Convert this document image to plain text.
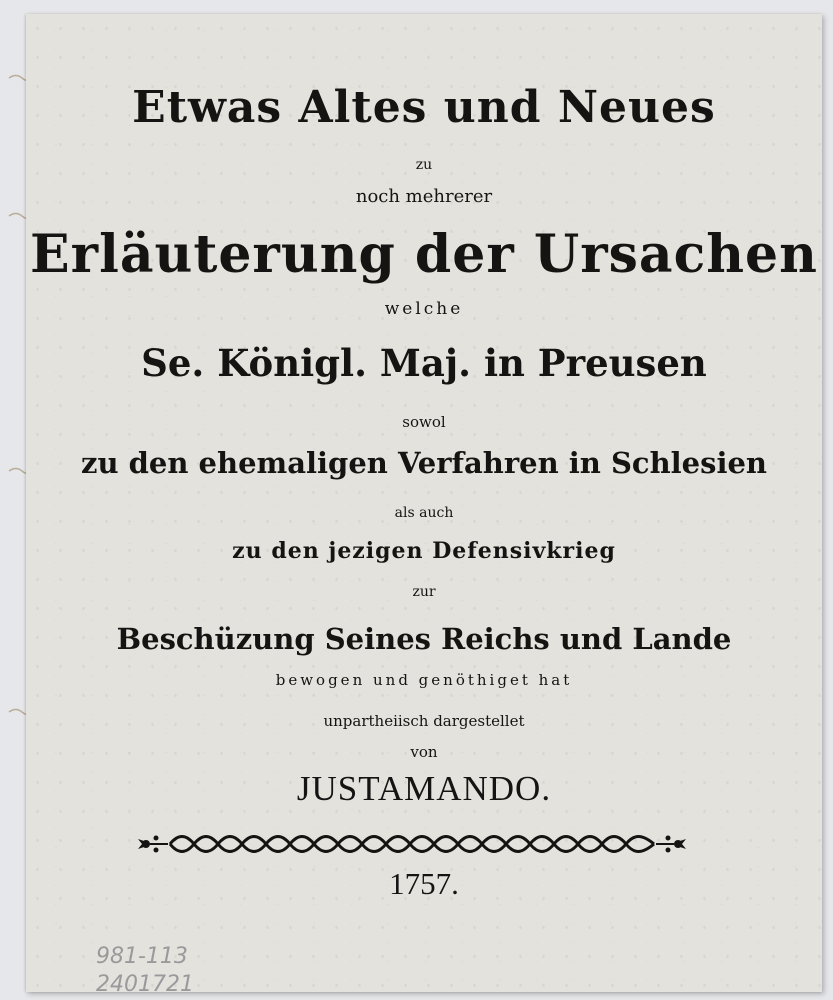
Etwas Altes und Neues
zu
noch mehrerer
Erläuterung der Ursachen
welche
Se. Königl. Maj. in Preusen
sowol
zu den ehemaligen Verfahren in Schlesien
als auch
zu den jezigen Defensivkrieg
zur
Beschüzung Seines Reichs und Lande
bewogen und genöthiget hat
unpartheiisch dargestellet
von
JUSTAMANDO.
1757.
981-113
2401721
